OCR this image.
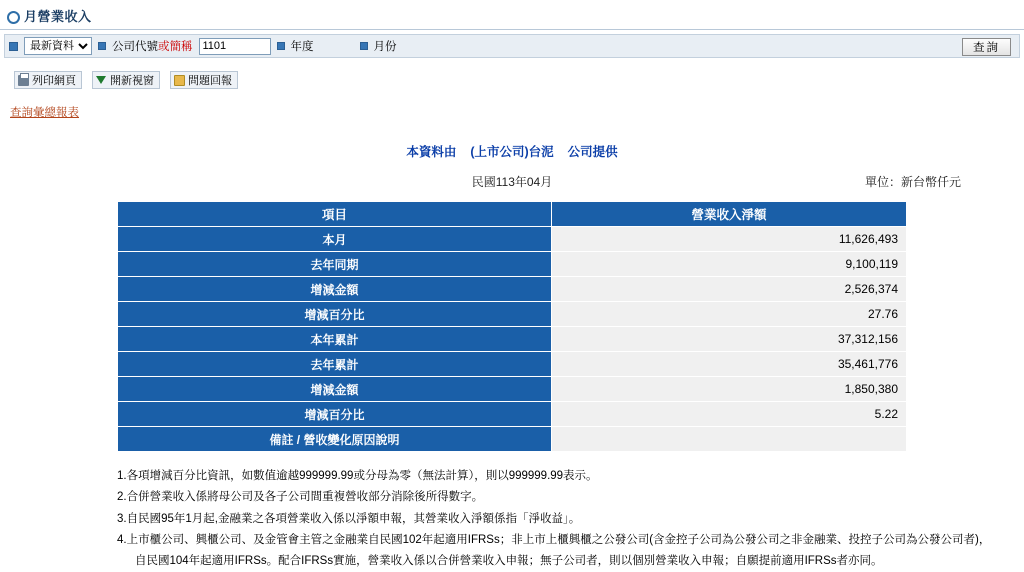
月營業收入
最新資料
公司代號或簡稱
1101	年度	月份	查詢
列印網頁	開新視窗	問題回報
查詢彙總報表
本資料由 (上市公司)台泥 公司提供
民國113年04月	單位：新台幣仟元
項目	營業收入淨額
本月	11,626,493
去年同期	9,100,119
增減金額	2,526,374
增減百分比	27.76
本年累計	37,312,156
去年累計	35,461,776
增減金額	1,850,380
增減百分比	5.22
備註 / 營收變化原因說明	
1.各項增減百分比資訊，如數值逾越999999.99或分母為零（無法計算），則以999999.99表示。
2.合併營業收入係將母公司及各子公司間重複營收部分消除後所得數字。
3.自民國95年1月起,金融業之各項營業收入係以淨額申報，其營業收入淨額係指「淨收益」。
4.上市櫃公司、興櫃公司、及金管會主管之金融業自民國102年起適用IFRSs；非上市上櫃興櫃之公發公司(含金控子公司為公發公司之非金融業、投控子公司為公發公司者)，
自民國104年起適用IFRSs。配合IFRSs實施，營業收入係以合併營業收入申報；無子公司者，則以個別營業收入申報；自願提前適用IFRSs者亦同。
